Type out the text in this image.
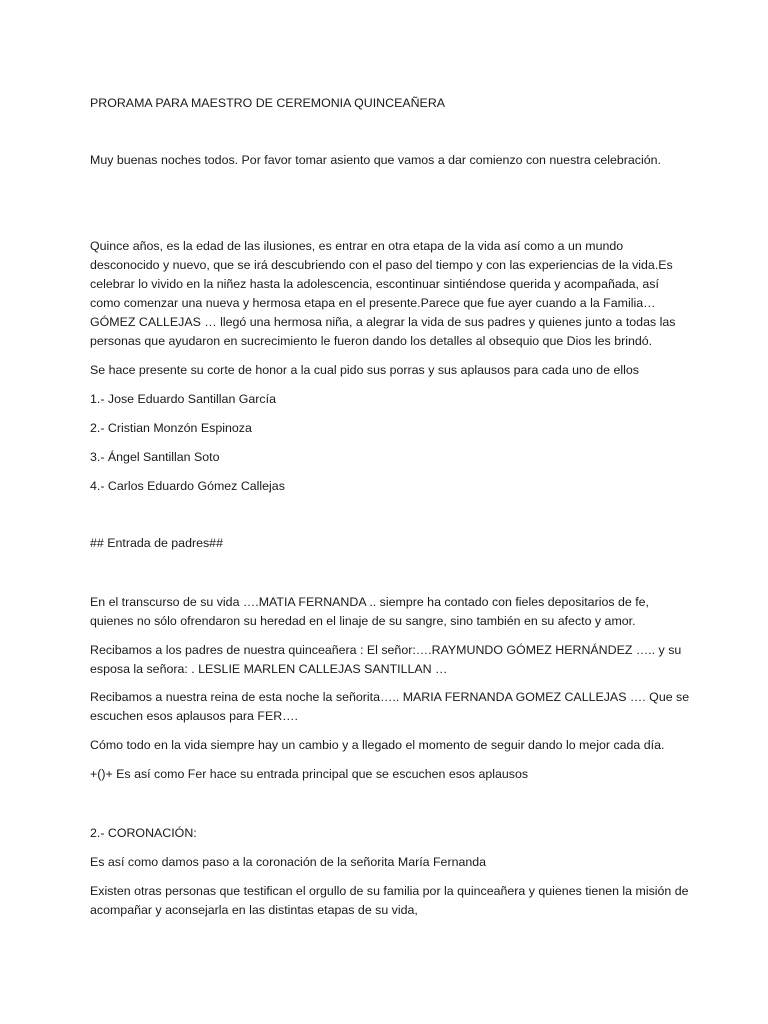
PRORAMA PARA MAESTRO DE CEREMONIA QUINCEAÑERA

Muy buenas noches todos. Por favor tomar asiento que vamos a dar comienzo con nuestra celebración.

Quince años, es la edad de las ilusiones, es entrar en otra etapa de la vida así como a un mundo desconocido y nuevo, que se irá descubriendo con el paso del tiempo y con las experiencias de la vida.Es celebrar lo vivido en la niñez hasta la adolescencia, escontinuar sintiéndose querida y acompañada, así como comenzar una nueva y hermosa etapa en el presente.Parece que fue ayer cuando a la Familia… GÓMEZ CALLEJAS … llegó una hermosa niña, a alegrar la vida de sus padres y quienes junto a todas las personas que ayudaron en sucrecimiento le fueron dando los detalles al obsequio que Dios les brindó.

Se hace presente su corte de honor a la cual pido sus porras y sus aplausos para cada uno de ellos

1.- Jose Eduardo Santillan García

2.- Cristian Monzón Espinoza

3.- Ángel Santillan Soto

4.- Carlos Eduardo Gómez Callejas

## Entrada de padres##

En el transcurso de su vida ….MATIA FERNANDA .. siempre ha contado con fieles depositarios de fe, quienes no sólo ofrendaron su heredad en el linaje de su sangre, sino también en su afecto y amor.

Recibamos a los padres de nuestra quinceañera : El señor:….RAYMUNDO GÓMEZ HERNÁNDEZ ….. y su esposa la señora: . LESLIE MARLEN CALLEJAS SANTILLAN …

Recibamos a nuestra reina de esta noche la señorita….. MARIA FERNANDA GOMEZ CALLEJAS …. Que se escuchen esos aplausos para FER….

Cómo todo en la vida siempre hay un cambio y a llegado el momento de seguir dando lo mejor cada día.

+()+ Es así como Fer hace su entrada principal que se escuchen esos aplausos

2.- CORONACIÓN:

Es así como damos paso a la coronación de la señorita María Fernanda

Existen otras personas que testifican el orgullo de su familia por la quinceañera y quienes tienen la misión de acompañar y aconsejarla en las distintas etapas de su vida,
